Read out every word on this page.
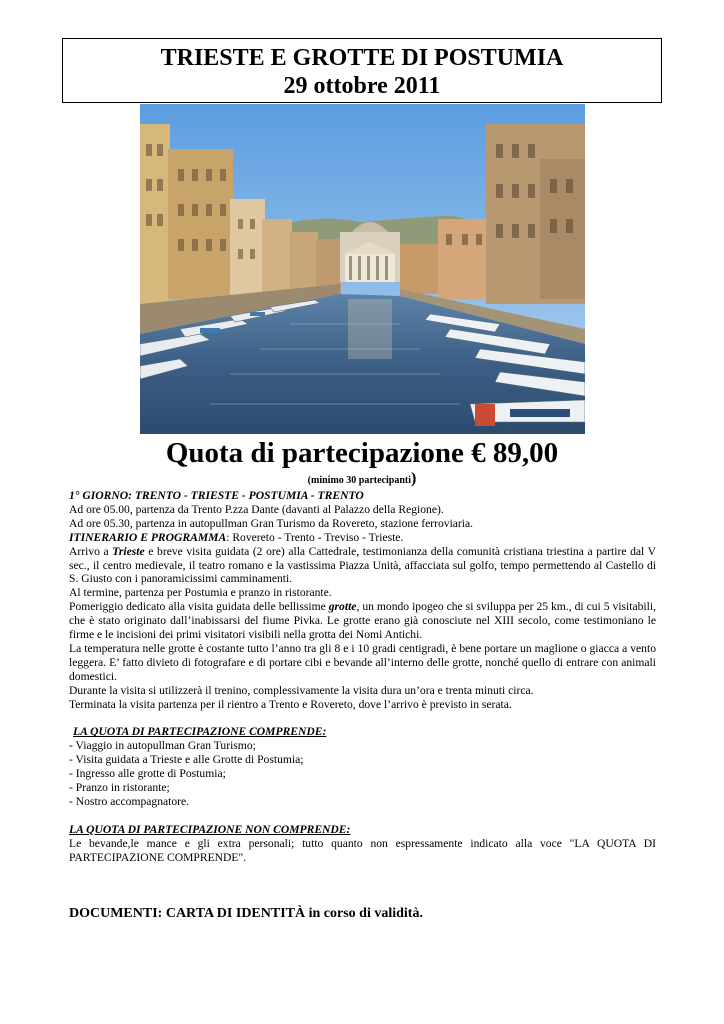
TRIESTE E GROTTE DI POSTUMIA
29 ottobre 2011
Quota di partecipazione € 89,00
(minimo 30 partecipanti)

1° GIORNO: TRENTO - TRIESTE - POSTUMIA - TRENTO

Ad ore 05.00, partenza da Trento P.zza Dante (davanti al Palazzo della Regione).

Ad ore 05.30, partenza in autopullman Gran Turismo da Rovereto, stazione ferroviaria.

ITINERARIO E PROGRAMMA: Rovereto - Trento - Treviso - Trieste.

Arrivo a Trieste e breve visita guidata (2 ore) alla Cattedrale, testimonianza della comunità cristiana triestina a partire dal V sec., il centro medievale, il teatro romano e la vastissima Piazza Unità, affacciata sul golfo, tempo permettendo al Castello di S. Giusto con i panoramicissimi camminamenti.

Al termine, partenza per Postumia e pranzo in ristorante.

Pomeriggio dedicato alla visita guidata delle bellissime grotte, un mondo ipogeo che si sviluppa per 25 km., di cui 5 visitabili, che è stato originato dall’inabissarsi del fiume Pivka. Le grotte erano già conosciute nel XIII secolo, come testimoniano le firme e le incisioni dei primi visitatori visibili nella grotta dei Nomi Antichi.

La temperatura nelle grotte è costante tutto l’anno tra gli 8 e i 10 gradi centigradi, è bene portare un maglione o giacca a vento leggera. E’ fatto divieto di fotografare e di portare cibi e bevande all’interno delle grotte, nonché quello di entrare con animali domestici.

Durante la visita si utilizzerà il trenino, complessivamente la visita dura un’ora e trenta minuti circa.

Terminata la visita partenza per il rientro a Trento e Rovereto, dove l’arrivo è previsto in serata.

LA QUOTA DI PARTECIPAZIONE COMPRENDE:

- Viaggio in autopullman Gran Turismo;

- Visita guidata a Trieste e alle Grotte di Postumia;

- Ingresso alle grotte di Postumia;

- Pranzo in ristorante;

- Nostro accompagnatore.

LA QUOTA DI PARTECIPAZIONE NON COMPRENDE:

Le bevande,le mance e gli extra personali; tutto quanto non espressamente indicato alla voce "LA QUOTA DI PARTECIPAZIONE COMPRENDE".

DOCUMENTI: CARTA DI IDENTITÀ in corso di validità.
